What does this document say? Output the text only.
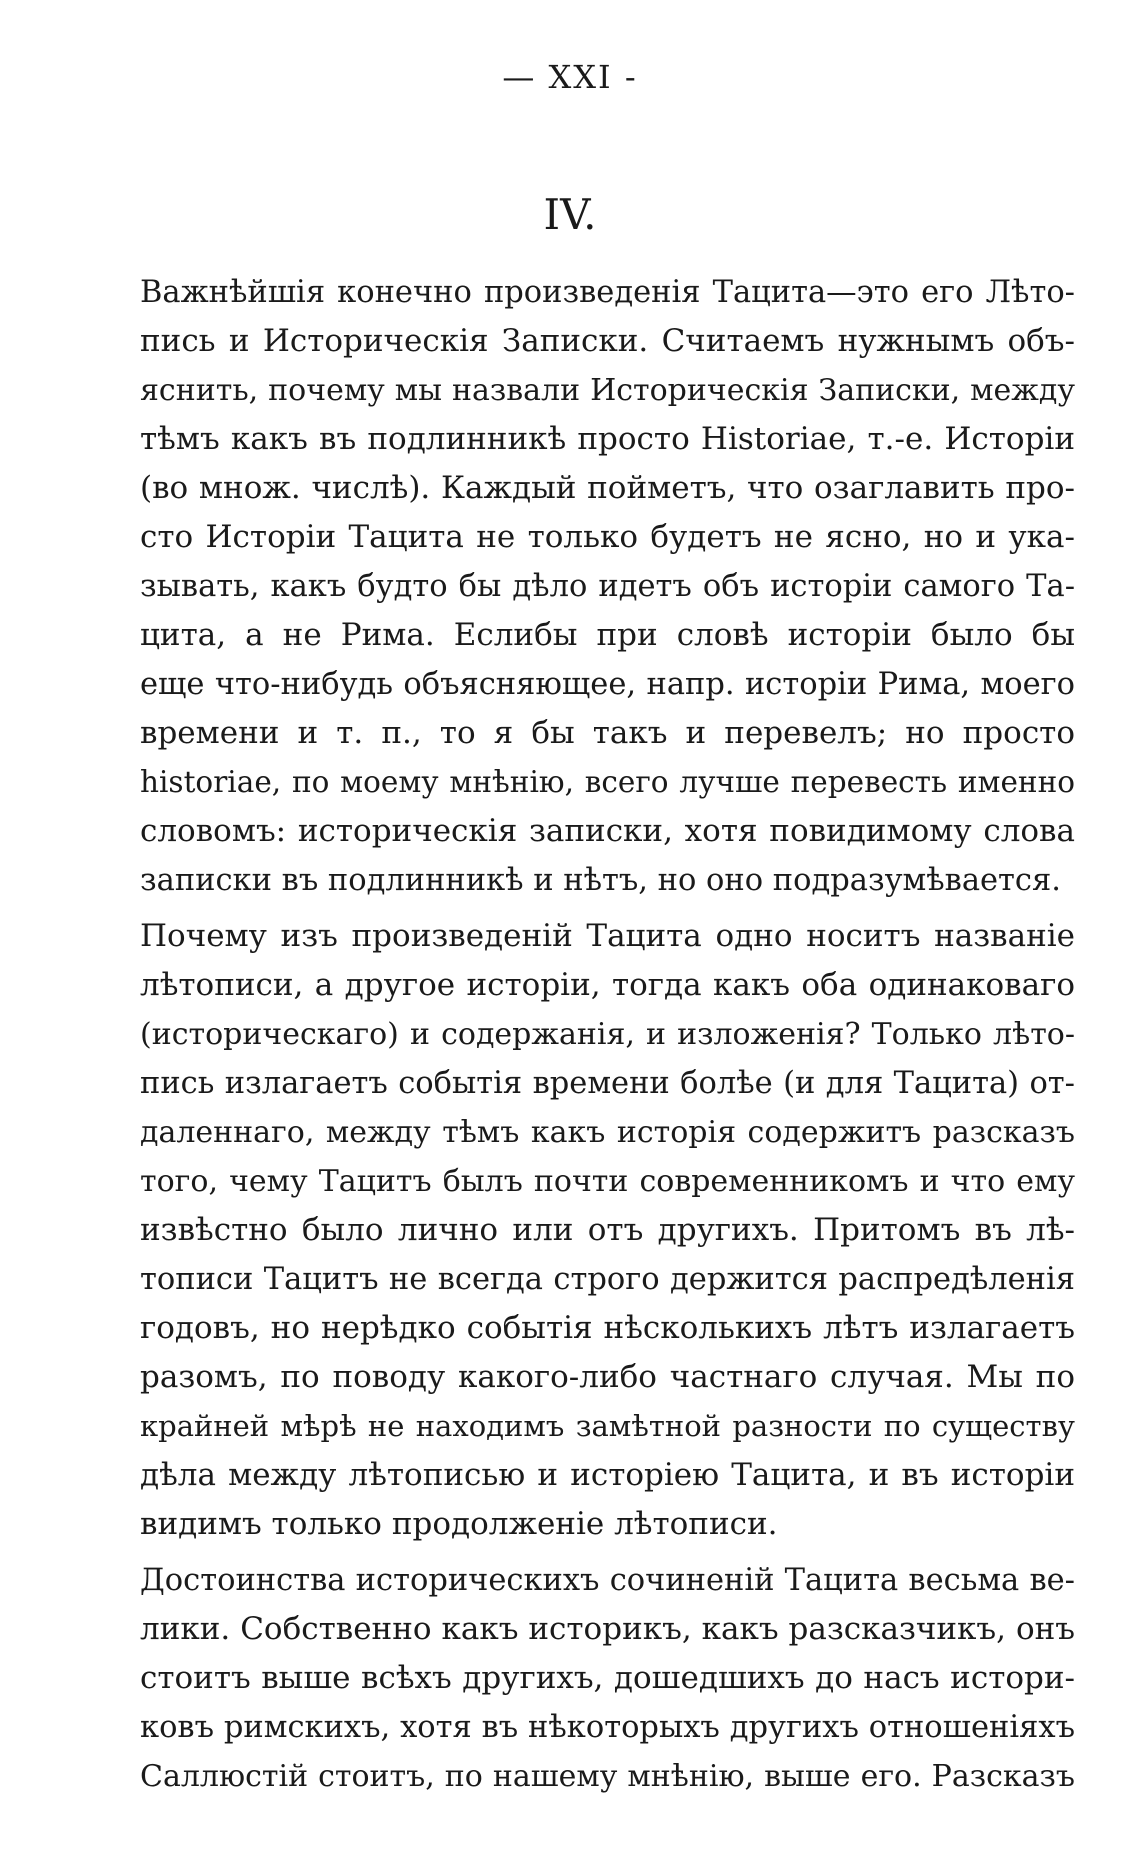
— XXI -
IV.
Важнѣйшія конечно произведенія Тацита—это его Лѣто-
пись и Историческія Записки. Считаемъ нужнымъ объ-
яснить, почему мы назвали Историческія Записки, между
тѣмъ какъ въ подлинникѣ просто Historiae, т.-е. Исторіи
(во множ. числѣ). Каждый пойметъ, что озаглавить про-
сто Исторіи Тацита не только будетъ не ясно, но и ука-
зывать, какъ будто бы дѣло идетъ объ исторіи самого Та-
цита, а не Рима. Еслибы при словѣ исторіи было бы
еще что-нибудь объясняющее, напр. исторіи Рима, моего
времени и т. п., то я бы такъ и перевелъ; но просто
historiae, по моему мнѣнію, всего лучше перевесть именно
словомъ: историческія записки, хотя повидимому слова
записки въ подлинникѣ и нѣтъ, но оно подразумѣвается.
Почему изъ произведеній Тацита одно носитъ названіе
лѣтописи, а другое исторіи, тогда какъ оба одинаковаго
(историческаго) и содержанія, и изложенія? Только лѣто-
пись излагаетъ событія времени болѣе (и для Тацита) от-
даленнаго, между тѣмъ какъ исторія содержитъ разсказъ
того, чему Тацитъ былъ почти современникомъ и что ему
извѣстно было лично или отъ другихъ. Притомъ въ лѣ-
тописи Тацитъ не всегда строго держится распредѣленія
годовъ, но нерѣдко событія нѣсколькихъ лѣтъ излагаетъ
разомъ, по поводу какого-либо частнаго случая. Мы по
крайней мѣрѣ не находимъ замѣтной разности по существу
дѣла между лѣтописью и исторіею Тацита, и въ исторіи
видимъ только продолженіе лѣтописи.
Достоинства историческихъ сочиненій Тацита весьма ве-
лики. Собственно какъ историкъ, какъ разсказчикъ, онъ
стоитъ выше всѣхъ другихъ, дошедшихъ до насъ истори-
ковъ римскихъ, хотя въ нѣкоторыхъ другихъ отношеніяхъ
Саллюстій стоитъ, по нашему мнѣнію, выше его. Разсказъ
